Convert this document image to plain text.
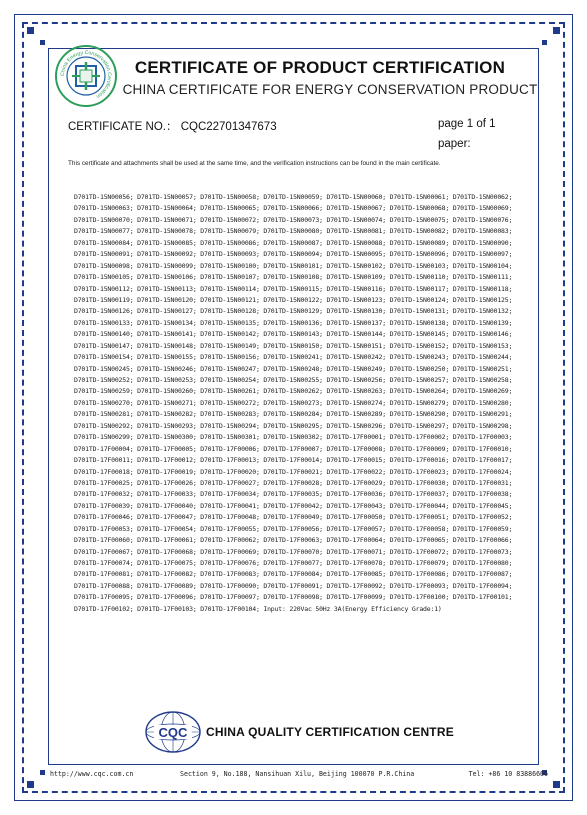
China Energy Conservation Certification
CERTIFICATE OF PRODUCT CERTIFICATION
CHINA CERTIFICATE FOR ENERGY CONSERVATION PRODUCT
CERTIFICATE NO.： CQC22701347673	page 1 of 1
paper:
This certificate and attachments shall be used at the same time, and the verification instructions can be found in the main certificate.
D701TD-15N00056; D701TD-15N00057; D701TD-15N00058; D701TD-15N00059; D701TD-15N00060; D701TD-15N00061; D701TD-15N00062;
D701TD-15N00063; D701TD-15N00064; D701TD-15N00065; D701TD-15N00066; D701TD-15N00067; D701TD-15N00068; D701TD-15N00069;
D701TD-15N00070; D701TD-15N00071; D701TD-15N00072; D701TD-15N00073; D701TD-15N00074; D701TD-15N00075; D701TD-15N00076;
D701TD-15N00077; D701TD-15N00078; D701TD-15N00079; D701TD-15N00080; D701TD-15N00081; D701TD-15N00082; D701TD-15N00083;
D701TD-15N00084; D701TD-15N00085; D701TD-15N00086; D701TD-15N00087; D701TD-15N00088; D701TD-15N00089; D701TD-15N00090;
D701TD-15N00091; D701TD-15N00092; D701TD-15N00093; D701TD-15N00094; D701TD-15N00095; D701TD-15N00096; D701TD-15N00097;
D701TD-15N00098; D701TD-15N00099; D701TD-15N00100; D701TD-15N00101; D701TD-15N00102; D701TD-15N00103; D701TD-15N00104;
D701TD-15N00105; D701TD-15N00106; D701TD-15N00107; D701TD-15N00108; D701TD-15N00109; D701TD-15N00110; D701TD-15N00111;
D701TD-15N00112; D701TD-15N00113; D701TD-15N00114; D701TD-15N00115; D701TD-15N00116; D701TD-15N00117; D701TD-15N00118;
D701TD-15N00119; D701TD-15N00120; D701TD-15N00121; D701TD-15N00122; D701TD-15N00123; D701TD-15N00124; D701TD-15N00125;
D701TD-15N00126; D701TD-15N00127; D701TD-15N00128; D701TD-15N00129; D701TD-15N00130; D701TD-15N00131; D701TD-15N00132;
D701TD-15N00133; D701TD-15N00134; D701TD-15N00135; D701TD-15N00136; D701TD-15N00137; D701TD-15N00138; D701TD-15N00139;
D701TD-15N00140; D701TD-15N00141; D701TD-15N00142; D701TD-15N00143; D701TD-15N00144; D701TD-15N00145; D701TD-15N00146;
D701TD-15N00147; D701TD-15N00148; D701TD-15N00149; D701TD-15N00150; D701TD-15N00151; D701TD-15N00152; D701TD-15N00153;
D701TD-15N00154; D701TD-15N00155; D701TD-15N00156; D701TD-15N00241; D701TD-15N00242; D701TD-15N00243; D701TD-15N00244;
D701TD-15N00245; D701TD-15N00246; D701TD-15N00247; D701TD-15N00248; D701TD-15N00249; D701TD-15N00250; D701TD-15N00251;
D701TD-15N00252; D701TD-15N00253; D701TD-15N00254; D701TD-15N00255; D701TD-15N00256; D701TD-15N00257; D701TD-15N00258;
D701TD-15N00259; D701TD-15N00260; D701TD-15N00261; D701TD-15N00262; D701TD-15N00263; D701TD-15N00264; D701TD-15N00269;
D701TD-15N00270; D701TD-15N00271; D701TD-15N00272; D701TD-15N00273; D701TD-15N00274; D701TD-15N00279; D701TD-15N00280;
D701TD-15N00281; D701TD-15N00282; D701TD-15N00283; D701TD-15N00284; D701TD-15N00289; D701TD-15N00290; D701TD-15N00291;
D701TD-15N00292; D701TD-15N00293; D701TD-15N00294; D701TD-15N00295; D701TD-15N00296; D701TD-15N00297; D701TD-15N00298;
D701TD-15N00299; D701TD-15N00300; D701TD-15N00301; D701TD-15N00302; D701TD-17F00001; D701TD-17F00002; D701TD-17F00003;
D701TD-17F00004; D701TD-17F00005; D701TD-17F00006; D701TD-17F00007; D701TD-17F00008; D701TD-17F00009; D701TD-17F00010;
D701TD-17F00011; D701TD-17F00012; D701TD-17F00013; D701TD-17F00014; D701TD-17F00015; D701TD-17F00016; D701TD-17F00017;
D701TD-17F00018; D701TD-17F00019; D701TD-17F00020; D701TD-17F00021; D701TD-17F00022; D701TD-17F00023; D701TD-17F00024;
D701TD-17F00025; D701TD-17F00026; D701TD-17F00027; D701TD-17F00028; D701TD-17F00029; D701TD-17F00030; D701TD-17F00031;
D701TD-17F00032; D701TD-17F00033; D701TD-17F00034; D701TD-17F00035; D701TD-17F00036; D701TD-17F00037; D701TD-17F00038;
D701TD-17F00039; D701TD-17F00040; D701TD-17F00041; D701TD-17F00042; D701TD-17F00043; D701TD-17F00044; D701TD-17F00045;
D701TD-17F00046; D701TD-17F00047; D701TD-17F00048; D701TD-17F00049; D701TD-17F00050; D701TD-17F00051; D701TD-17F00052;
D701TD-17F00053; D701TD-17F00054; D701TD-17F00055; D701TD-17F00056; D701TD-17F00057; D701TD-17F00058; D701TD-17F00059;
D701TD-17F00060; D701TD-17F00061; D701TD-17F00062; D701TD-17F00063; D701TD-17F00064; D701TD-17F00065; D701TD-17F00066;
D701TD-17F00067; D701TD-17F00068; D701TD-17F00069; D701TD-17F00070; D701TD-17F00071; D701TD-17F00072; D701TD-17F00073;
D701TD-17F00074; D701TD-17F00075; D701TD-17F00076; D701TD-17F00077; D701TD-17F00078; D701TD-17F00079; D701TD-17F00080;
D701TD-17F00081; D701TD-17F00082; D701TD-17F00083; D701TD-17F00084; D701TD-17F00085; D701TD-17F00086; D701TD-17F00087;
D701TD-17F00088; D701TD-17F00089; D701TD-17F00090; D701TD-17F00091; D701TD-17F00092; D701TD-17F00093; D701TD-17F00094;
D701TD-17F00095; D701TD-17F00096; D701TD-17F00097; D701TD-17F00098; D701TD-17F00099; D701TD-17F00100; D701TD-17F00101;
D701TD-17F00102; D701TD-17F00103; D701TD-17F00104; Input: 220Vac 50Hz 3A(Energy Efficiency Grade:1)
CQC CHINA QUALITY CERTIFICATION CENTRE
http://www.cqc.com.cn	Section 9, No.188, Nansihuan Xilu, Beijing 100070 P.R.China	Tel: +86 10 83886666
